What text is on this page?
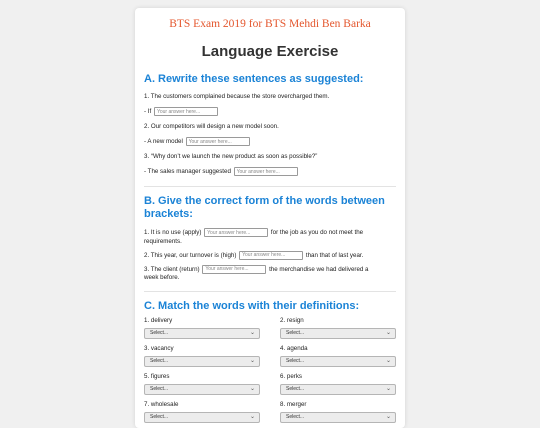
BTS Exam 2019 for BTS Mehdi Ben Barka
Language Exercise
A. Rewrite these sentences as suggested:
1. The customers complained because the store overcharged them.
- If Your answer here...
2. Our competitors will design a new model soon.
- A new model Your answer here...
3. “Why don’t we launch the new product as soon as possible?”
- The sales manager suggested Your answer here...
B. Give the correct form of the words between
brackets:
1. It is no use (apply) Your answer here...	for the job as you do not meet the
requirements.
2. This year, our turnover is (high) Your answer here...	than that of last year.
3. The client (return) Your answer here...	the merchandise we had delivered a
week before.
C. Match the words with their definitions:
1. delivery
Select...	⌄
2. resign
Select...	⌄
3. vacancy
Select...	⌄
4. agenda
Select...	⌄
5. figures
Select...	⌄
6. perks
Select...	⌄
7. wholesale
Select...	⌄
8. merger
Select...	⌄
